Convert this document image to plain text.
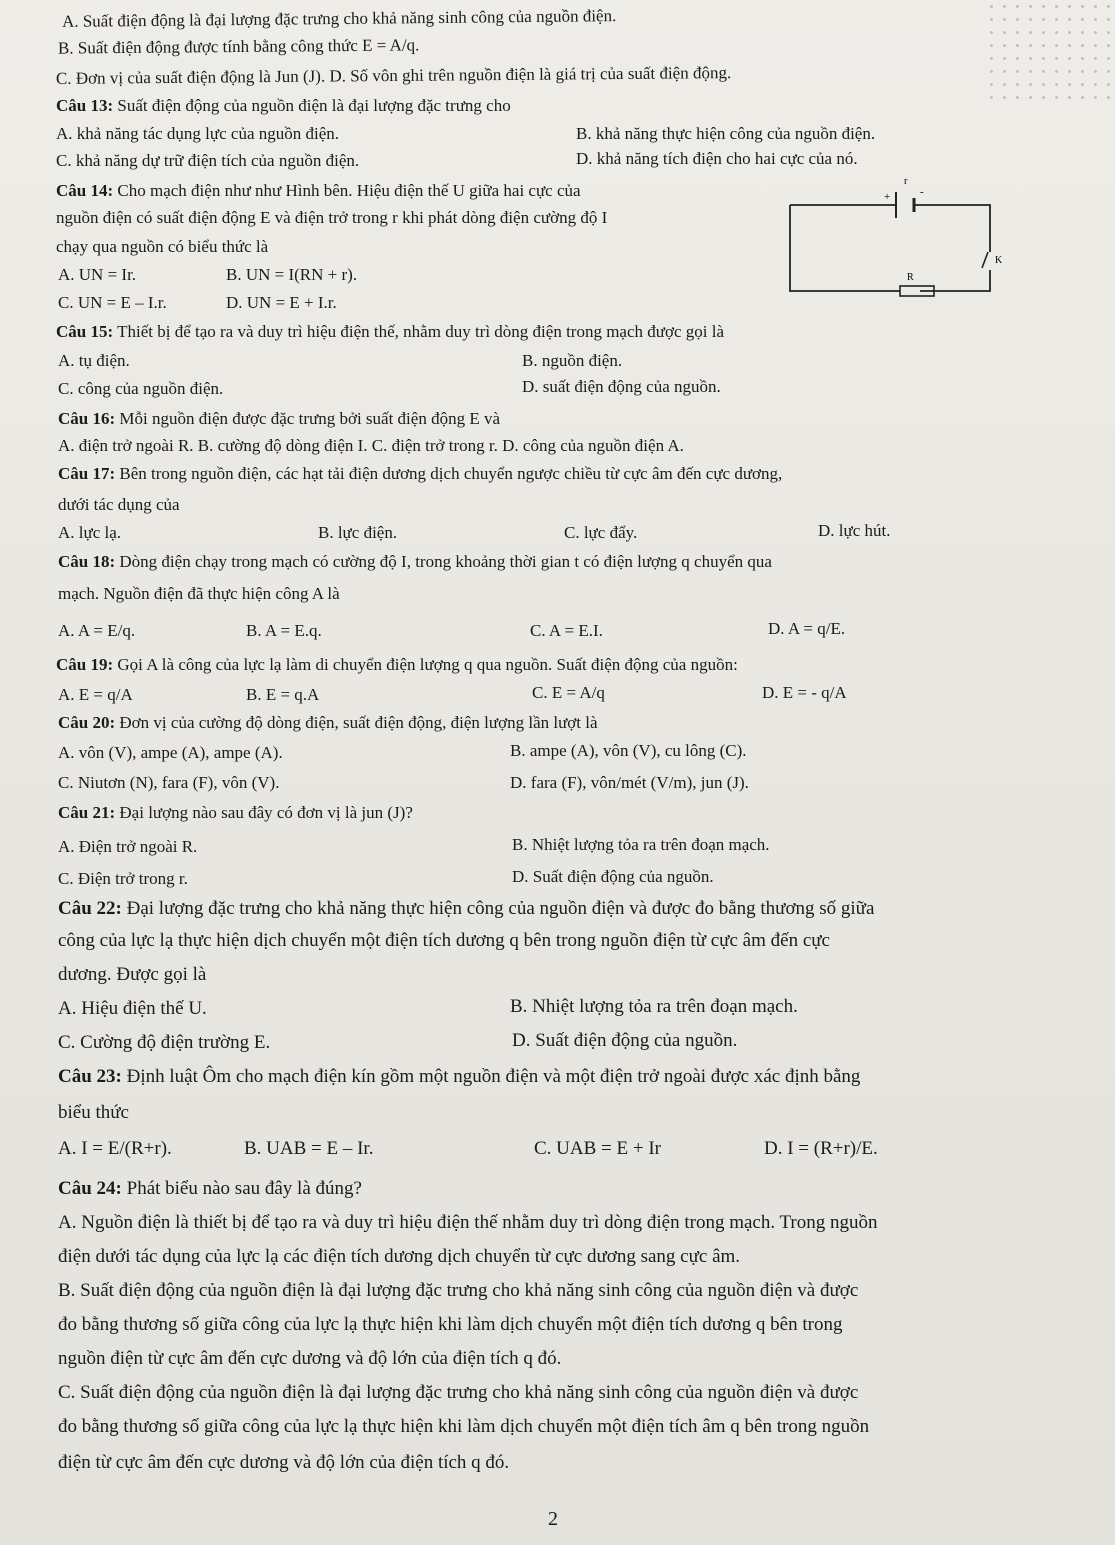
A. Suất điện động là đại lượng đặc trưng cho khả năng sinh công của nguồn điện.
B. Suất điện động được tính bằng công thức E = A/q.
C. Đơn vị của suất điện động là Jun (J). D. Số vôn ghi trên nguồn điện là giá trị của suất điện động.
Câu 13: Suất điện động của nguồn điện là đại lượng đặc trưng cho
A. khả năng tác dụng lực của nguồn điện.	B. khả năng thực hiện công của nguồn điện.
C. khả năng dự trữ điện tích của nguồn điện.	D. khả năng tích điện cho hai cực của nó.
Câu 14: Cho mạch điện như như Hình bên. Hiệu điện thế U giữa hai cực của
nguồn điện có suất điện động E và điện trở trong r khi phát dòng điện cường độ I
chạy qua nguồn có biểu thức là
A. UN = Ir.	B. UN = I(RN + r).
C. UN = E – I.r.	D. UN = E + I.r.
+	-
r
K
R
Câu 15: Thiết bị để tạo ra và duy trì hiệu điện thế, nhằm duy trì dòng điện trong mạch được gọi là
A. tụ điện.	B. nguồn điện.
C. công của nguồn điện.	D. suất điện động của nguồn.
Câu 16: Mỗi nguồn điện được đặc trưng bởi suất điện động E và
A. điện trở ngoài R. B. cường độ dòng điện I. C. điện trở trong r. D. công của nguồn điện A.
Câu 17: Bên trong nguồn điện, các hạt tải điện dương dịch chuyển ngược chiều từ cực âm đến cực dương,
dưới tác dụng của
A. lực lạ.	B. lực điện.	C. lực đẩy.	D. lực hút.
Câu 18: Dòng điện chạy trong mạch có cường độ I, trong khoảng thời gian t có điện lượng q chuyển qua
mạch. Nguồn điện đã thực hiện công A là
A. A = E/q.	B. A = E.q.	C. A = E.I.	D. A = q/E.
Câu 19: Gọi A là công của lực lạ làm di chuyển điện lượng q qua nguồn. Suất điện động của nguồn:
A. E = q/A	B. E = q.A	C. E = A/q	D. E = - q/A
Câu 20: Đơn vị của cường độ dòng điện, suất điện động, điện lượng lần lượt là
A. vôn (V), ampe (A), ampe (A).	B. ampe (A), vôn (V), cu lông (C).
C. Niutơn (N), fara (F), vôn (V).	D. fara (F), vôn/mét (V/m), jun (J).
Câu 21: Đại lượng nào sau đây có đơn vị là jun (J)?
A. Điện trở ngoài R.	B. Nhiệt lượng tỏa ra trên đoạn mạch.
C. Điện trở trong r.	D. Suất điện động của nguồn.
Câu 22: Đại lượng đặc trưng cho khả năng thực hiện công của nguồn điện và được đo bằng thương số giữa
công của lực lạ thực hiện dịch chuyển một điện tích dương q bên trong nguồn điện từ cực âm đến cực
dương. Được gọi là
A. Hiệu điện thế U.	B. Nhiệt lượng tỏa ra trên đoạn mạch.
C. Cường độ điện trường E.	D. Suất điện động của nguồn.
Câu 23: Định luật Ôm cho mạch điện kín gồm một nguồn điện và một điện trở ngoài được xác định bằng
biểu thức
A. I = E/(R+r).	B. UAB = E – Ir.	C. UAB = E + Ir	D. I = (R+r)/E.
Câu 24: Phát biểu nào sau đây là đúng?
A. Nguồn điện là thiết bị để tạo ra và duy trì hiệu điện thế nhằm duy trì dòng điện trong mạch. Trong nguồn
điện dưới tác dụng của lực lạ các điện tích dương dịch chuyển từ cực dương sang cực âm.
B. Suất điện động của nguồn điện là đại lượng đặc trưng cho khả năng sinh công của nguồn điện và được
đo bằng thương số giữa công của lực lạ thực hiện khi làm dịch chuyển một điện tích dương q bên trong
nguồn điện từ cực âm đến cực dương và độ lớn của điện tích q đó.
C. Suất điện động của nguồn điện là đại lượng đặc trưng cho khả năng sinh công của nguồn điện và được
đo bằng thương số giữa công của lực lạ thực hiện khi làm dịch chuyển một điện tích âm q bên trong nguồn
điện từ cực âm đến cực dương và độ lớn của điện tích q đó.
2
